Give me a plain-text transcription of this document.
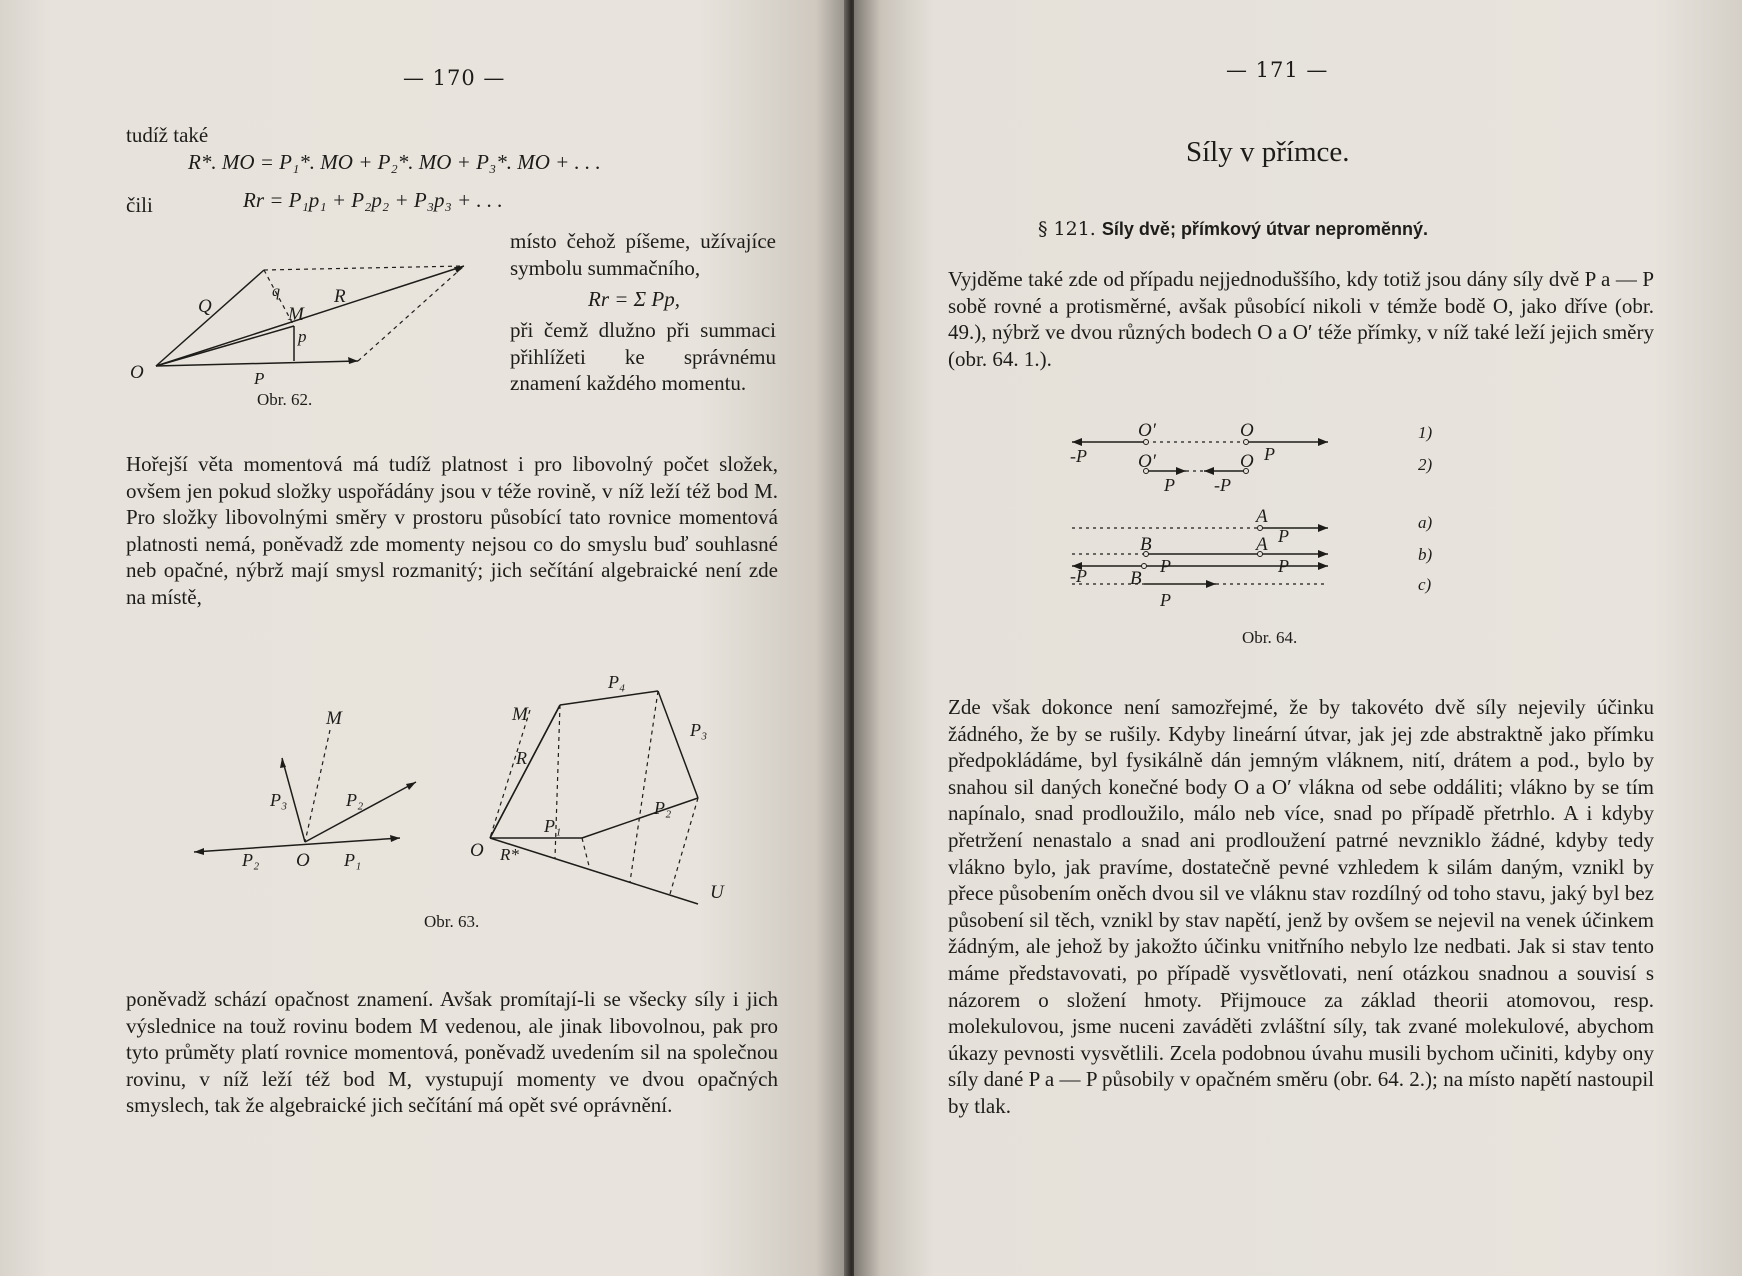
— 170 —
tudíž také
R*. MO = P₁*. MO + P₂*. MO + P₃*. MO + . . .
čili	Rr = P₁p₁ + P₂p₂ + P₃p₃ + . . .

místo čehož píšeme, užívajíce symbolu summačního,

Rr = Σ Pp,

při čemž dlužno při summaci přihlížeti ke správnému znamení každého momentu.

Q
q
M
R
p
O	P
Obr. 62.
Hořejší věta momentová má tudíž platnost i pro libovolný počet složek, ovšem jen pokud složky uspořádány jsou v téže rovině, v níž leží též bod M. Pro složky libovolnými směry v prostoru působící tato rovnice momentová platnosti nemá, poněvadž zde momenty nejsou co do smyslu buď souhlasné neb opačné, nýbrž mají smysl rozmanitý; jich sečítání algebraické není zde na místě,
M
P₃	P₂
P₂ O P₁
M
R
P₄
P₃
P₁
P₂
O R*
U
Obr. 63.
poněvadž schází opačnost znamení. Avšak promítají-li se všecky síly i jich výslednice na touž rovinu bodem M vedenou, ale jinak libovolnou, pak pro tyto průměty platí rovnice momentová, poněvadž uvedením sil na společnou rovinu, v níž leží též bod M, vystupují momenty ve dvou opačných smyslech, tak že algebraické jich sečítání má opět své oprávnění.
— 171 —
Síly v přímce.
§ 121. Síly dvě; přímkový útvar nepromĕnný.
Vyjděme také zde od případu nejjednoduššího, kdy totiž jsou dány síly dvě P a — P sobě rovné a protisměrné, avšak působící nikoli v témže bodě O, jako dříve (obr. 49.), nýbrž ve dvou různých bodech O a O′ téže přímky, v níž také leží jejich směry (obr. 64. 1.).
O′	O
-P	O′	O P
P -P
A
B	A P
-P B
P	P
P
1)
2)
a)
b)
c)
Obr. 64.
Zde však dokonce není samozřejmé, že by takovéto dvě síly nejevily účinku žádného, že by se rušily. Kdyby lineární útvar, jak jej zde abstraktně jako přímku předpokládáme, byl fysikálně dán jemným vláknem, nití, drátem a pod., bylo by snahou sil daných konečné body O a O′ vlákna od sebe oddáliti; vlákno by se tím napínalo, snad prodloužilo, málo neb více, snad po případě přetrhlo. A i kdyby přetržení nenastalo a snad ani prodloužení patrné nevzniklo žádné, kdyby tedy vlákno bylo, jak pravíme, dostatečně pevné vzhledem k silám daným, vznikl by přece působením oněch dvou sil ve vláknu stav rozdílný od toho stavu, jaký byl bez působení sil těch, vznikl by stav napětí, jenž by ovšem se nejevil na venek účinkem žádným, ale jehož by jakožto účinku vnitřního nebylo lze nedbati. Jak si stav tento máme představovati, po případě vysvětlovati, není otázkou snadnou a souvisí s názorem o složení hmoty. Přijmouce za základ theorii atomovou, resp. molekulovou, jsme nuceni zaváděti zvláštní síly, tak zvané molekulové, abychom úkazy pevnosti vysvětlili. Zcela podobnou úvahu musili bychom učiniti, kdyby ony síly dané P a — P působily v opačném směru (obr. 64. 2.); na místo napětí nastoupil by tlak.
